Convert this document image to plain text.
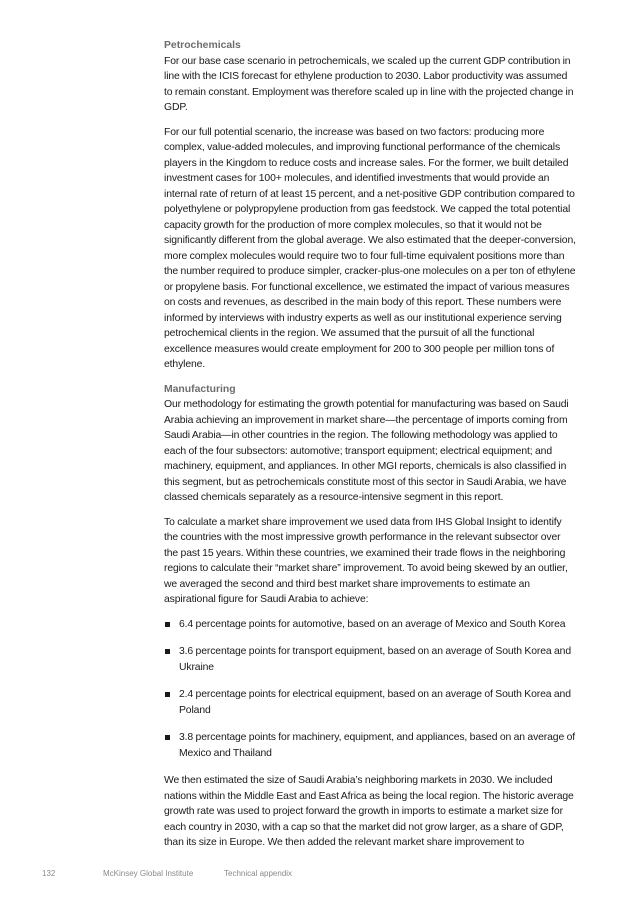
Petrochemicals

For our base case scenario in petrochemicals, we scaled up the current GDP contribution in line with the ICIS forecast for ethylene production to 2030. Labor productivity was assumed to remain constant. Employment was therefore scaled up in line with the projected change in GDP.

For our full potential scenario, the increase was based on two factors: producing more complex, value-added molecules, and improving functional performance of the chemicals players in the Kingdom to reduce costs and increase sales. For the former, we built detailed investment cases for 100+ molecules, and identified investments that would provide an internal rate of return of at least 15 percent, and a net-positive GDP contribution compared to polyethylene or polypropylene production from gas feedstock. We capped the total potential capacity growth for the production of more complex molecules, so that it would not be significantly different from the global average. We also estimated that the deeper-conversion, more complex molecules would require two to four full-time equivalent positions more than the number required to produce simpler, cracker-plus-one molecules on a per ton of ethylene or propylene basis. For functional excellence, we estimated the impact of various measures on costs and revenues, as described in the main body of this report. These numbers were informed by interviews with industry experts as well as our institutional experience serving petrochemical clients in the region. We assumed that the pursuit of all the functional excellence measures would create employment for 200 to 300 people per million tons of ethylene.

Manufacturing

Our methodology for estimating the growth potential for manufacturing was based on Saudi Arabia achieving an improvement in market share—the percentage of imports coming from Saudi Arabia—in other countries in the region. The following methodology was applied to each of the four subsectors: automotive; transport equipment; electrical equipment; and machinery, equipment, and appliances. In other MGI reports, chemicals is also classified in this segment, but as petrochemicals constitute most of this sector in Saudi Arabia, we have classed chemicals separately as a resource-intensive segment in this report.

To calculate a market share improvement we used data from IHS Global Insight to identify the countries with the most impressive growth performance in the relevant subsector over the past 15 years. Within these countries, we examined their trade flows in the neighboring regions to calculate their “market share” improvement. To avoid being skewed by an outlier, we averaged the second and third best market share improvements to estimate an aspirational figure for Saudi Arabia to achieve:

6.4 percentage points for automotive, based on an average of Mexico and South Korea
3.6 percentage points for transport equipment, based on an average of South Korea and Ukraine
2.4 percentage points for electrical equipment, based on an average of South Korea and Poland
3.8 percentage points for machinery, equipment, and appliances, based on an average of Mexico and Thailand

We then estimated the size of Saudi Arabia’s neighboring markets in 2030. We included nations within the Middle East and East Africa as being the local region. The historic average growth rate was used to project forward the growth in imports to estimate a market size for each country in 2030, with a cap so that the market did not grow larger, as a share of GDP, than its size in Europe. We then added the relevant market share improvement to

132	McKinsey Global Institute	Technical appendix
